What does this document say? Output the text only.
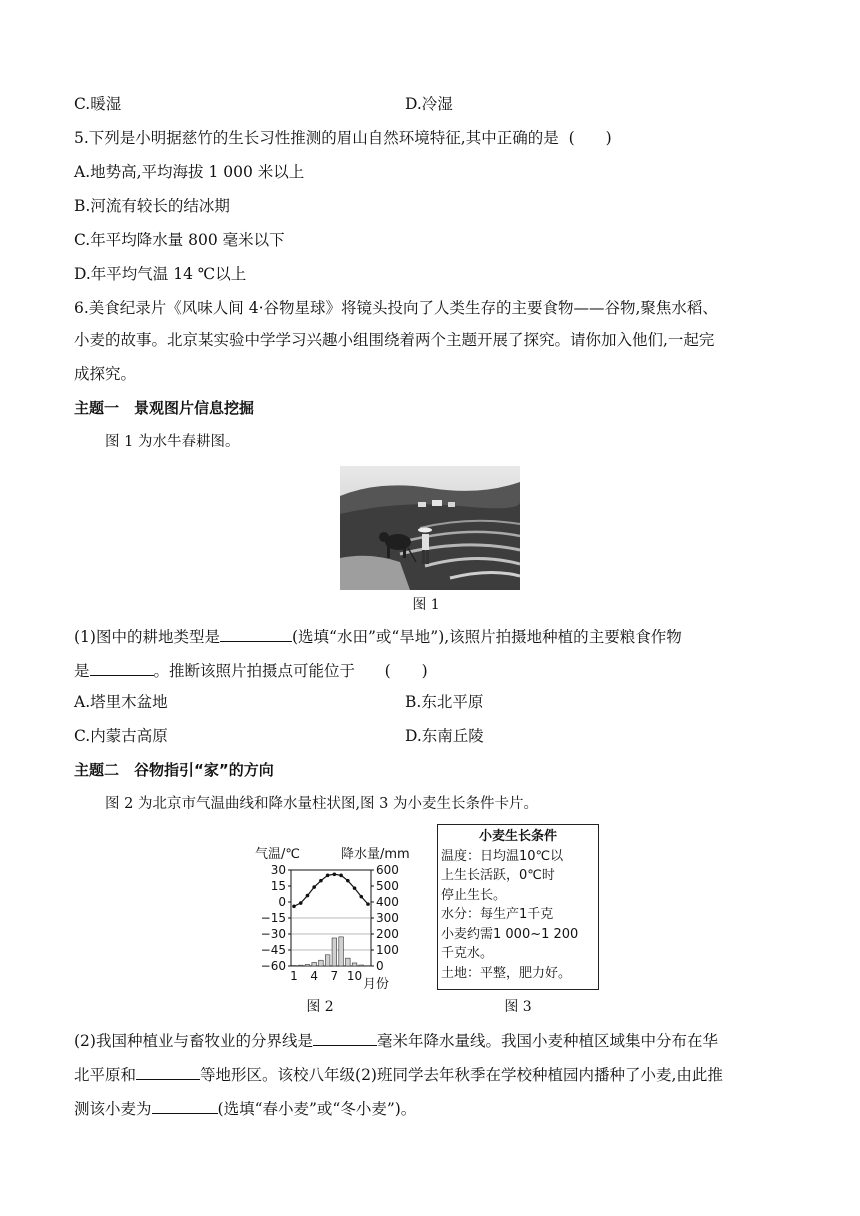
C.暖湿	D.冷湿
5.下列是小明据慈竹的生长习性推测的眉山自然环境特征,其中正确的是 (　　)
A.地势高,平均海拔 1 000 米以上
B.河流有较长的结冰期
C.年平均降水量 800 毫米以下
D.年平均气温 14 ℃以上
6.美食纪录片《风味人间 4·谷物星球》将镜头投向了人类生存的主要食物——谷物,聚焦水稻、
小麦的故事。北京某实验中学学习兴趣小组围绕着两个主题开展了探究。请你加入他们,一起完
成探究。
主题一　景观图片信息挖掘
图 1 为水牛春耕图。
图 1
(1)图中的耕地类型是	(选填“水田”或“旱地”),该照片拍摄地种植的主要粮食作物
是	。推断该照片拍摄点可能位于 (　　)
A.塔里木盆地	B.东北平原
C.内蒙古高原	D.东南丘陵
主题二　谷物指引“家”的方向
图 2 为北京市气温曲线和降水量柱状图,图 3 为小麦生长条件卡片。
气温/℃	降水量/mm
月份
30
15
0
−15
−30
−45
−60
600
500
400
300
200
100
0
1 4 7 10
图 2
小麦生长条件
温度：日均温10℃以
上生长活跃，0℃时
停止生长。
水分：每生产1千克
小麦约需1 000~1 200
千克水。
土地：平整，肥力好。
图 3
(2)我国种植业与畜牧业的分界线是	毫米年降水量线。我国小麦种植区域集中分布在华
北平原和	等地形区。该校八年级(2)班同学去年秋季在学校种植园内播种了小麦,由此推
测该小麦为	(选填“春小麦”或“冬小麦”)。
